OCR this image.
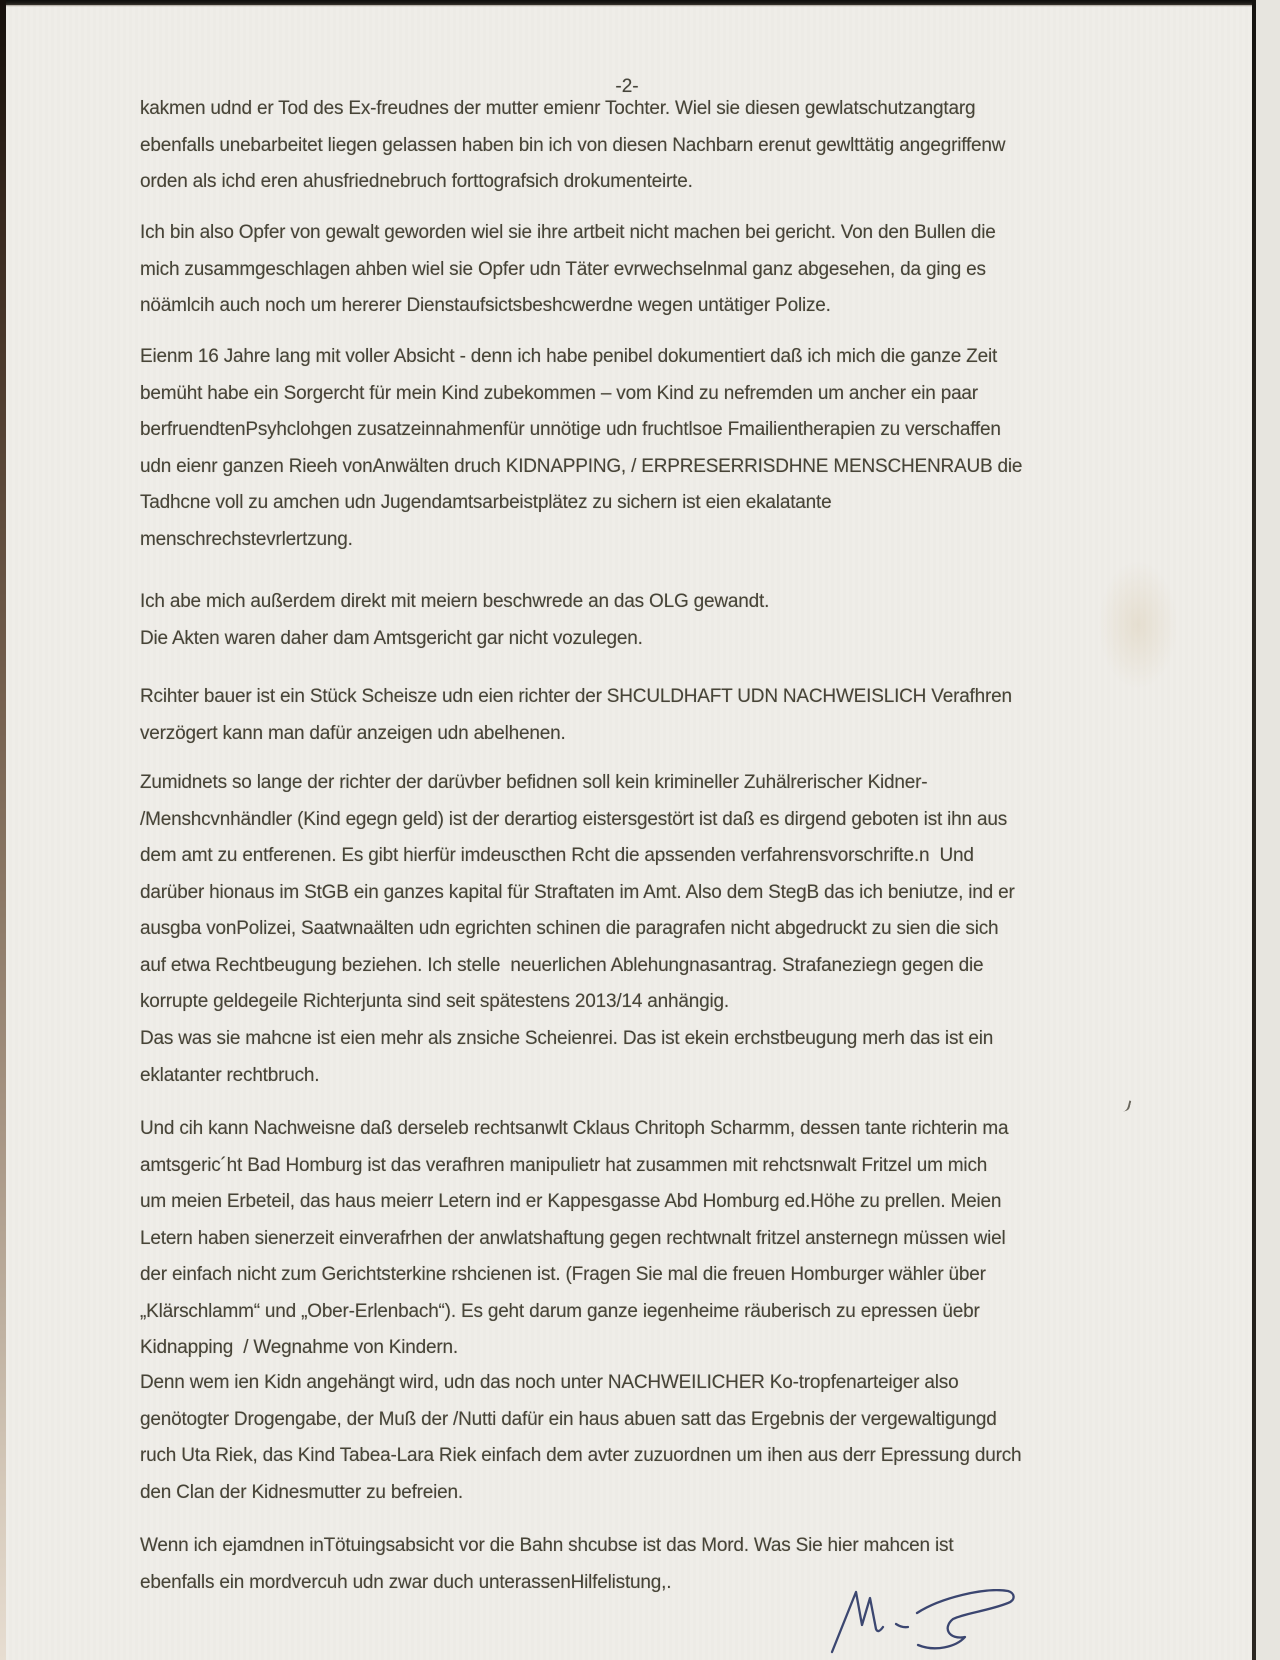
-2-
kakmen udnd er Tod des Ex-freudnes der mutter emienr Tochter. Wiel sie diesen gewlatschutzangtarg
ebenfalls unebarbeitet liegen gelassen haben bin ich von diesen Nachbarn erenut gewlttätig angegriffenw
orden als ichd eren ahusfriednebruch forttografsich drokumenteirte.
Ich bin also Opfer von gewalt geworden wiel sie ihre artbeit nicht machen bei gericht. Von den Bullen die
mich zusammgeschlagen ahben wiel sie Opfer udn Täter evrwechselnmal ganz abgesehen, da ging es
nöämlcih auch noch um hererer Dienstaufsictsbeshcwerdne wegen untätiger Polize.
Eienm 16 Jahre lang mit voller Absicht - denn ich habe penibel dokumentiert daß ich mich die ganze Zeit
bemüht habe ein Sorgercht für mein Kind zubekommen – vom Kind zu nefremden um ancher ein paar
berfruendtenPsyhclohgen zusatzeinnahmenfür unnötige udn fruchtlsoe Fmailientherapien zu verschaffen
udn eienr ganzen Rieeh vonAnwälten druch KIDNAPPING, / ERPRESERRISDHNE MENSCHENRAUB die
Tadhcne voll zu amchen udn Jugendamtsarbeistplätez zu sichern ist eien ekalatante
menschrechstevrlertzung.
Ich abe mich außerdem direkt mit meiern beschwrede an das OLG gewandt.
Die Akten waren daher dam Amtsgericht gar nicht vozulegen.
Rcihter bauer ist ein Stück Scheisze udn eien richter der SHCULDHAFT UDN NACHWEISLICH Verafhren
verzögert kann man dafür anzeigen udn abelhenen.
Zumidnets so lange der richter der darüvber befidnen soll kein krimineller Zuhälrerischer Kidner-
/Menshcvnhändler (Kind egegn geld) ist der derartiog eistersgestört ist daß es dirgend geboten ist ihn aus
dem amt zu entferenen. Es gibt hierfür imdeuscthen Rcht die apssenden verfahrensvorschrifte.n  Und
darüber hionaus im StGB ein ganzes kapital für Straftaten im Amt. Also dem StegB das ich beniutze, ind er
ausgba vonPolizei, Saatwnaälten udn egrichten schinen die paragrafen nicht abgedruckt zu sien die sich
auf etwa Rechtbeugung beziehen. Ich stelle  neuerlichen Ablehungnasantrag. Strafaneziegn gegen die
korrupte geldegeile Richterjunta sind seit spätestens 2013/14 anhängig.
Das was sie mahcne ist eien mehr als znsiche Scheienrei. Das ist ekein erchstbeugung merh das ist ein
eklatanter rechtbruch.
Und cih kann Nachweisne daß derseleb rechtsanwlt Cklaus Chritoph Scharmm, dessen tante richterin ma
amtsgeric´ht Bad Homburg ist das verafhren manipulietr hat zusammen mit rehctsnwalt Fritzel um mich
um meien Erbeteil, das haus meierr Letern ind er Kappesgasse Abd Homburg ed.Höhe zu prellen. Meien
Letern haben sienerzeit einverafrhen der anwlatshaftung gegen rechtwnalt fritzel ansternegn müssen wiel
der einfach nicht zum Gerichtsterkine rshcienen ist. (Fragen Sie mal die freuen Homburger wähler über
„Klärschlamm“ und „Ober-Erlenbach“). Es geht darum ganze iegenheime räuberisch zu epressen üebr
Kidnapping  / Wegnahme von Kindern.
Denn wem ien Kidn angehängt wird, udn das noch unter NACHWEILICHER Ko-tropfenarteiger also
genötogter Drogengabe, der Muß der /Nutti dafür ein haus abuen satt das Ergebnis der vergewaltigungd
ruch Uta Riek, das Kind Tabea-Lara Riek einfach dem avter zuzuordnen um ihen aus derr Epressung durch
den Clan der Kidnesmutter zu befreien.
Wenn ich ejamdnen inTötuingsabsicht vor die Bahn shcubse ist das Mord. Was Sie hier mahcen ist
ebenfalls ein mordvercuh udn zwar duch unterassenHilfelistung,.
